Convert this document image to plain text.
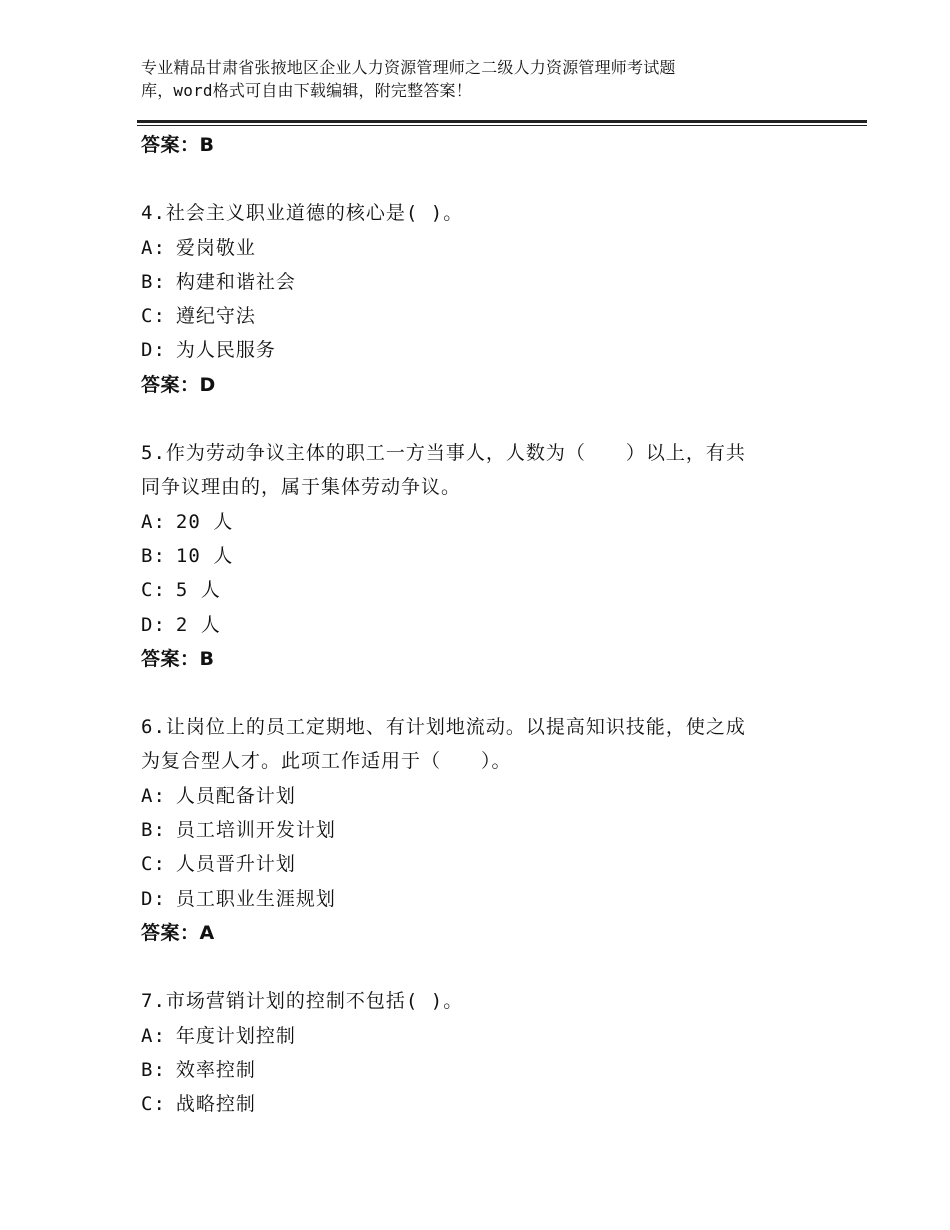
专业精品甘肃省张掖地区企业人力资源管理师之二级人力资源管理师考试题
库，word格式可自由下载编辑，附完整答案！
答案：B
4.社会主义职业道德的核心是( )。
A: 爱岗敬业
B: 构建和谐社会
C: 遵纪守法
D: 为人民服务
答案：D
5.作为劳动争议主体的职工一方当事人，人数为（　　）以上，有共
同争议理由的，属于集体劳动争议。
A: 20 人
B: 10 人
C: 5 人
D: 2 人
答案：B
6.让岗位上的员工定期地、有计划地流动。以提高知识技能，使之成
为复合型人才。此项工作适用于（　　）。
A: 人员配备计划
B: 员工培训开发计划
C: 人员晋升计划
D: 员工职业生涯规划
答案：A
7.市场营销计划的控制不包括( )。
A: 年度计划控制
B: 效率控制
C: 战略控制
